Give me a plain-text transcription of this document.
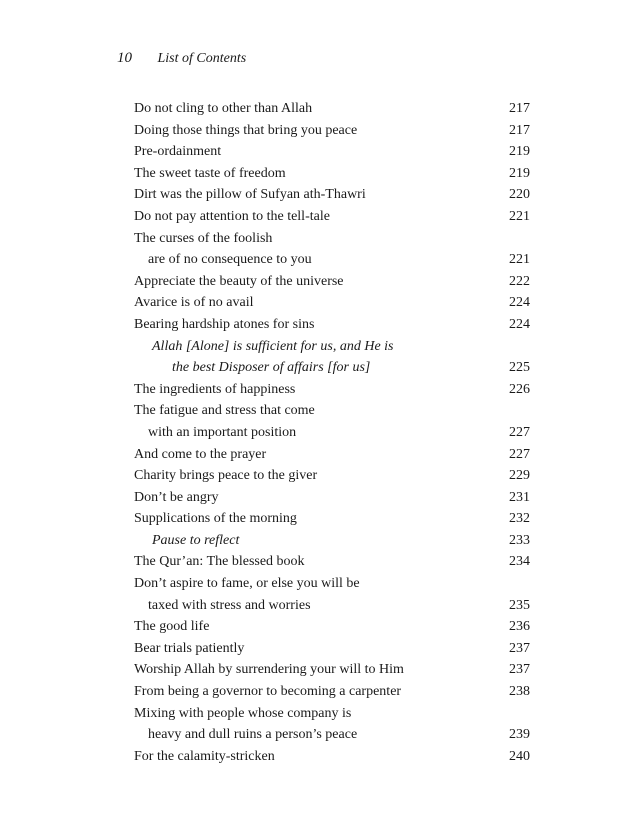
10 List of Contents
Do not cling to other than Allah	217
Doing those things that bring you peace	217
Pre-ordainment	219
The sweet taste of freedom	219
Dirt was the pillow of Sufyan ath-Thawri	220
Do not pay attention to the tell-tale	221
The curses of the foolish
are of no consequence to you	221
Appreciate the beauty of the universe	222
Avarice is of no avail	224
Bearing hardship atones for sins	224
Allah [Alone] is sufficient for us, and He is
the best Disposer of affairs [for us]	225
The ingredients of happiness	226
The fatigue and stress that come
with an important position	227
And come to the prayer	227
Charity brings peace to the giver	229
Don’t be angry	231
Supplications of the morning	232
Pause to reflect	233
The Qur’an: The blessed book	234
Don’t aspire to fame, or else you will be
taxed with stress and worries	235
The good life	236
Bear trials patiently	237
Worship Allah by surrendering your will to Him	237
From being a governor to becoming a carpenter	238
Mixing with people whose company is
heavy and dull ruins a person’s peace	239
For the calamity-stricken	240
